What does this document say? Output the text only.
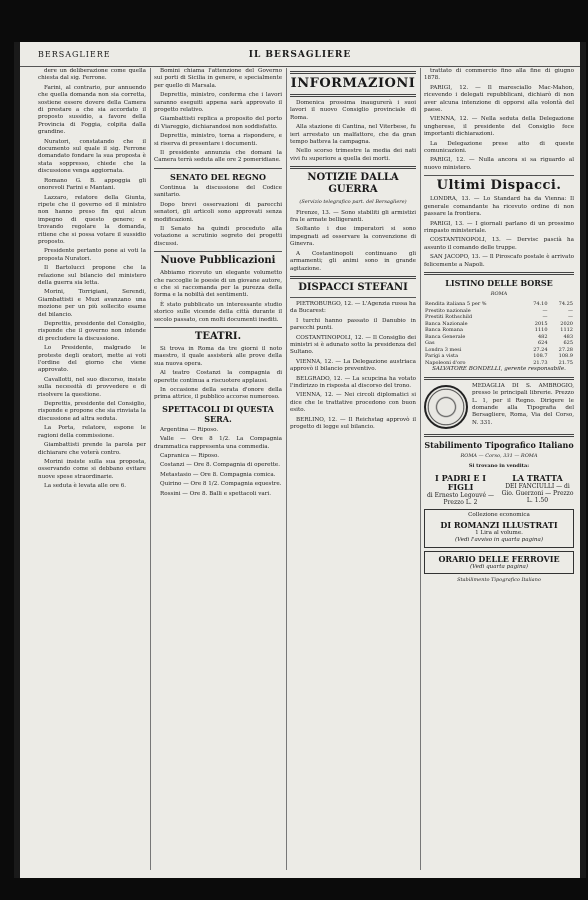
BERSAGLIERE	IL BERSAGLIERE

dere un deliberazione come quella chiesta dal sig. Ferrone.

Farini, al contrario, pur annuendo che quella domanda non sia corretta, sostiene essere dovere della Camera di prestare a che sia accordato il proposto sussidio, a favore della Provincia di Foggia, colpita dalla grandine.

Nuratori, constatando che il documento sul quale il sig. Ferrone domandato fondare la sua proposta è stata soppresso, chiede che la discussione venga aggiornata.

Romano G. B. appoggia gli onorevoli Farini e Mantani.

Lazzaro, relatore della Giunta, ripete che il governo ed il ministro non hanno preso fin qui alcun impegno di questo genere; e trovando regolare la domanda, ritiene che si possa votare il sussidio proposto.

Presidente pertanto pone ai voti la proposta Nuratori.

Il Bartolucci propone che la relazione sul bilancio del ministero della guerra sia letta.

Morini, Torrigiani, Serendi, Giambattisti e Muzi avanzano una mozione per un più sollecito esame del bilancio.

Deprettis, presidente del Consiglio, risponde che il governo non intende di precludere la discussione.

Lo Presidente, malgrado le proteste degli oratori, mette ai voti l'ordine del giorno che viene approvato.

Cavallotti, nel suo discorso, insiste sulla necessità di provvedere e di risolvere la questione.

Deprettis, presidente del Consiglio, risponde e propone che sia rinviata la discussione ad altra seduta.

La Porta, relatore, espone le ragioni della commissione.

Giambattisti prende la parola per dichiarare che voterà contro.

Morini insiste sulla sua proposta, osservando come si debbano evitare nuove spese straordinarie.

La seduta è levata alle ore 6.

Bomini chiama l'attenzione del Governo sui porti di Sicilia in genere, e specialmente per quello di Marsala.

Deprettis, ministro, conferma che i lavori saranno eseguiti appena sarà approvato il progetto relativo.

Giambattisti replica a proposito del porto di Viareggio, dichiarandosi non soddisfatto.

Deprettis, ministro, torna a rispondere, e si riserva di presentare i documenti.

Il presidente annunzia che domani la Camera terrà seduta alle ore 2 pomeridiane.

SENATO DEL REGNO

Continua la discussione del Codice sanitario.

Dopo brevi osservazioni di parecchi senatori, gli articoli sono approvati senza modificazioni.

Il Senato ha quindi proceduto alla votazione a scrutinio segreto dei progetti discussi.

Nuove Pubblicazioni

Abbiamo ricevuto un elegante volumetto che raccoglie le poesie di un giovane autore, e che si raccomanda per la purezza della forma e la nobiltà dei sentimenti.

È stato pubblicato un interessante studio storico sulle vicende della città durante il secolo passato, con molti documenti inediti.

TEATRI.

Si trova in Roma da tre giorni il noto maestro, il quale assisterà alle prove della sua nuova opera.

Al teatro Costanzi la compagnia di operette continua a riscuotere applausi.

In occasione della serata d'onore della prima attrice, il pubblico accorse numeroso.

SPETTACOLI DI QUESTA SERA.

Argentina — Riposo.

Valle — Ore 8 1/2. La Compagnia drammatica rappresenta una commedia.

Capranica — Riposo.

Costanzi — Ore 8. Compagnia di operette.

Metastasio — Ore 8. Compagnia comica.

Quirino — Ore 8 1/2. Compagnia equestre.

Rossini — Ore 8. Balli e spettacoli vari.

INFORMAZIONI

Domenica prossima inaugurerà i suoi lavori il nuovo Consiglio provinciale di Roma.

Alla stazione di Cantina, nel Viterbese, fu ieri arrestato un malfattore, che da gran tempo batteva la campagna.

Nello scorso trimestre la media dei nati vivi fu superiore a quella dei morti.

NOTIZIE DALLA GUERRA
(Servizio telegrafico part. del Bersagliere)

Firenze, 13. — Sono stabiliti gli armistizi fra le armate belligeranti.

Soltanto i due imperatori si sono impegnati ad osservare la convenzione di Ginevra.

A Costantinopoli continuano gli armamenti; gli animi sono in grande agitazione.

DISPACCI STEFANI

PIETROBURGO, 12. — L'Agenzia russa ha da Bucarest:

I turchi hanno passato il Danubio in parecchi punti.

COSTANTINOPOLI, 12. — Il Consiglio dei ministri si è adunato sotto la presidenza del Sultano.

VIENNA, 12. — La Delegazione austriaca approvò il bilancio preventivo.

BELGRADO, 12. — La scupcina ha votato l'indirizzo in risposta al discorso del trono.

VIENNA, 12. — Nei circoli diplomatici si dice che le trattative procedono con buon esito.

BERLINO, 12. — Il Reichstag approvò il progetto di legge sul bilancio.

trattato di commercio fino alla fine di giugno 1878.

PARIGI, 12. — Il maresciallo Mac-Mahon, ricevendo i delegati repubblicani, dichiarò di non aver alcuna intenzione di opporsi alla volontà del paese.

VIENNA, 12. — Nella seduta della Delegazione ungherese, il presidente del Consiglio fece importanti dichiarazioni.

La Delegazione prese atto di queste comunicazioni.

PARIGI, 12. — Nulla ancora si sa riguardo al nuovo ministero.

Ultimi Dispacci.

LONDRA, 13. — Lo Standard ha da Vienna: Il generale comandante ha ricevuto ordine di non passare la frontiera.

PARIGI, 13. — I giornali parlano di un prossimo rimpasto ministeriale.

COSTANTINOPOLI, 13. — Dervisc pascià ha assunto il comando delle truppe.

SAN JACOPO, 13. — Il Piroscafo postale è arrivato felicemente a Napoli.

LISTINO DELLE BORSE
ROMA
Rendita italiana 5 per %	74.10	74.25
Prestito nazionale	—	—
Prestiti Rothschild	—	—
Banca Nazionale	2015	2020
Banca Romana	1110	1112
Banca Generale	482	483
Gas	624	625
Londra 3 mesi	27.24	27.28
Parigi a vista	108.7	108.9
Napoleoni d'oro	21.73	21.75

SALVATORE BONDELLI, gerente responsabile.

MEDAGLIA DI S. AMBROGIO, presso le principali librerie. Prezzo L. 1, per il Regno. Dirigere le domande alla Tipografia del Bersagliere, Roma, Via del Corso, N. 331.

Stabilimento Tipografico Italiano
ROMA — Corso, 331 — ROMA
Si trovano in vendita:
I PADRI E I FIGLI
di Ernesto Legouvé — Prezzo L. 2
LA TRATTA
DEI FANCIULLI — di Gio. Guerzoni — Prezzo L. 1.50
Collezione economica
DI ROMANZI ILLUSTRATI
1 Lira al volume.
(Vedi l'avviso in quarta pagina)
ORARIO DELLE FERROVIE
(Vedi quarta pagina)
Stabilimento Tipografico Italiano
